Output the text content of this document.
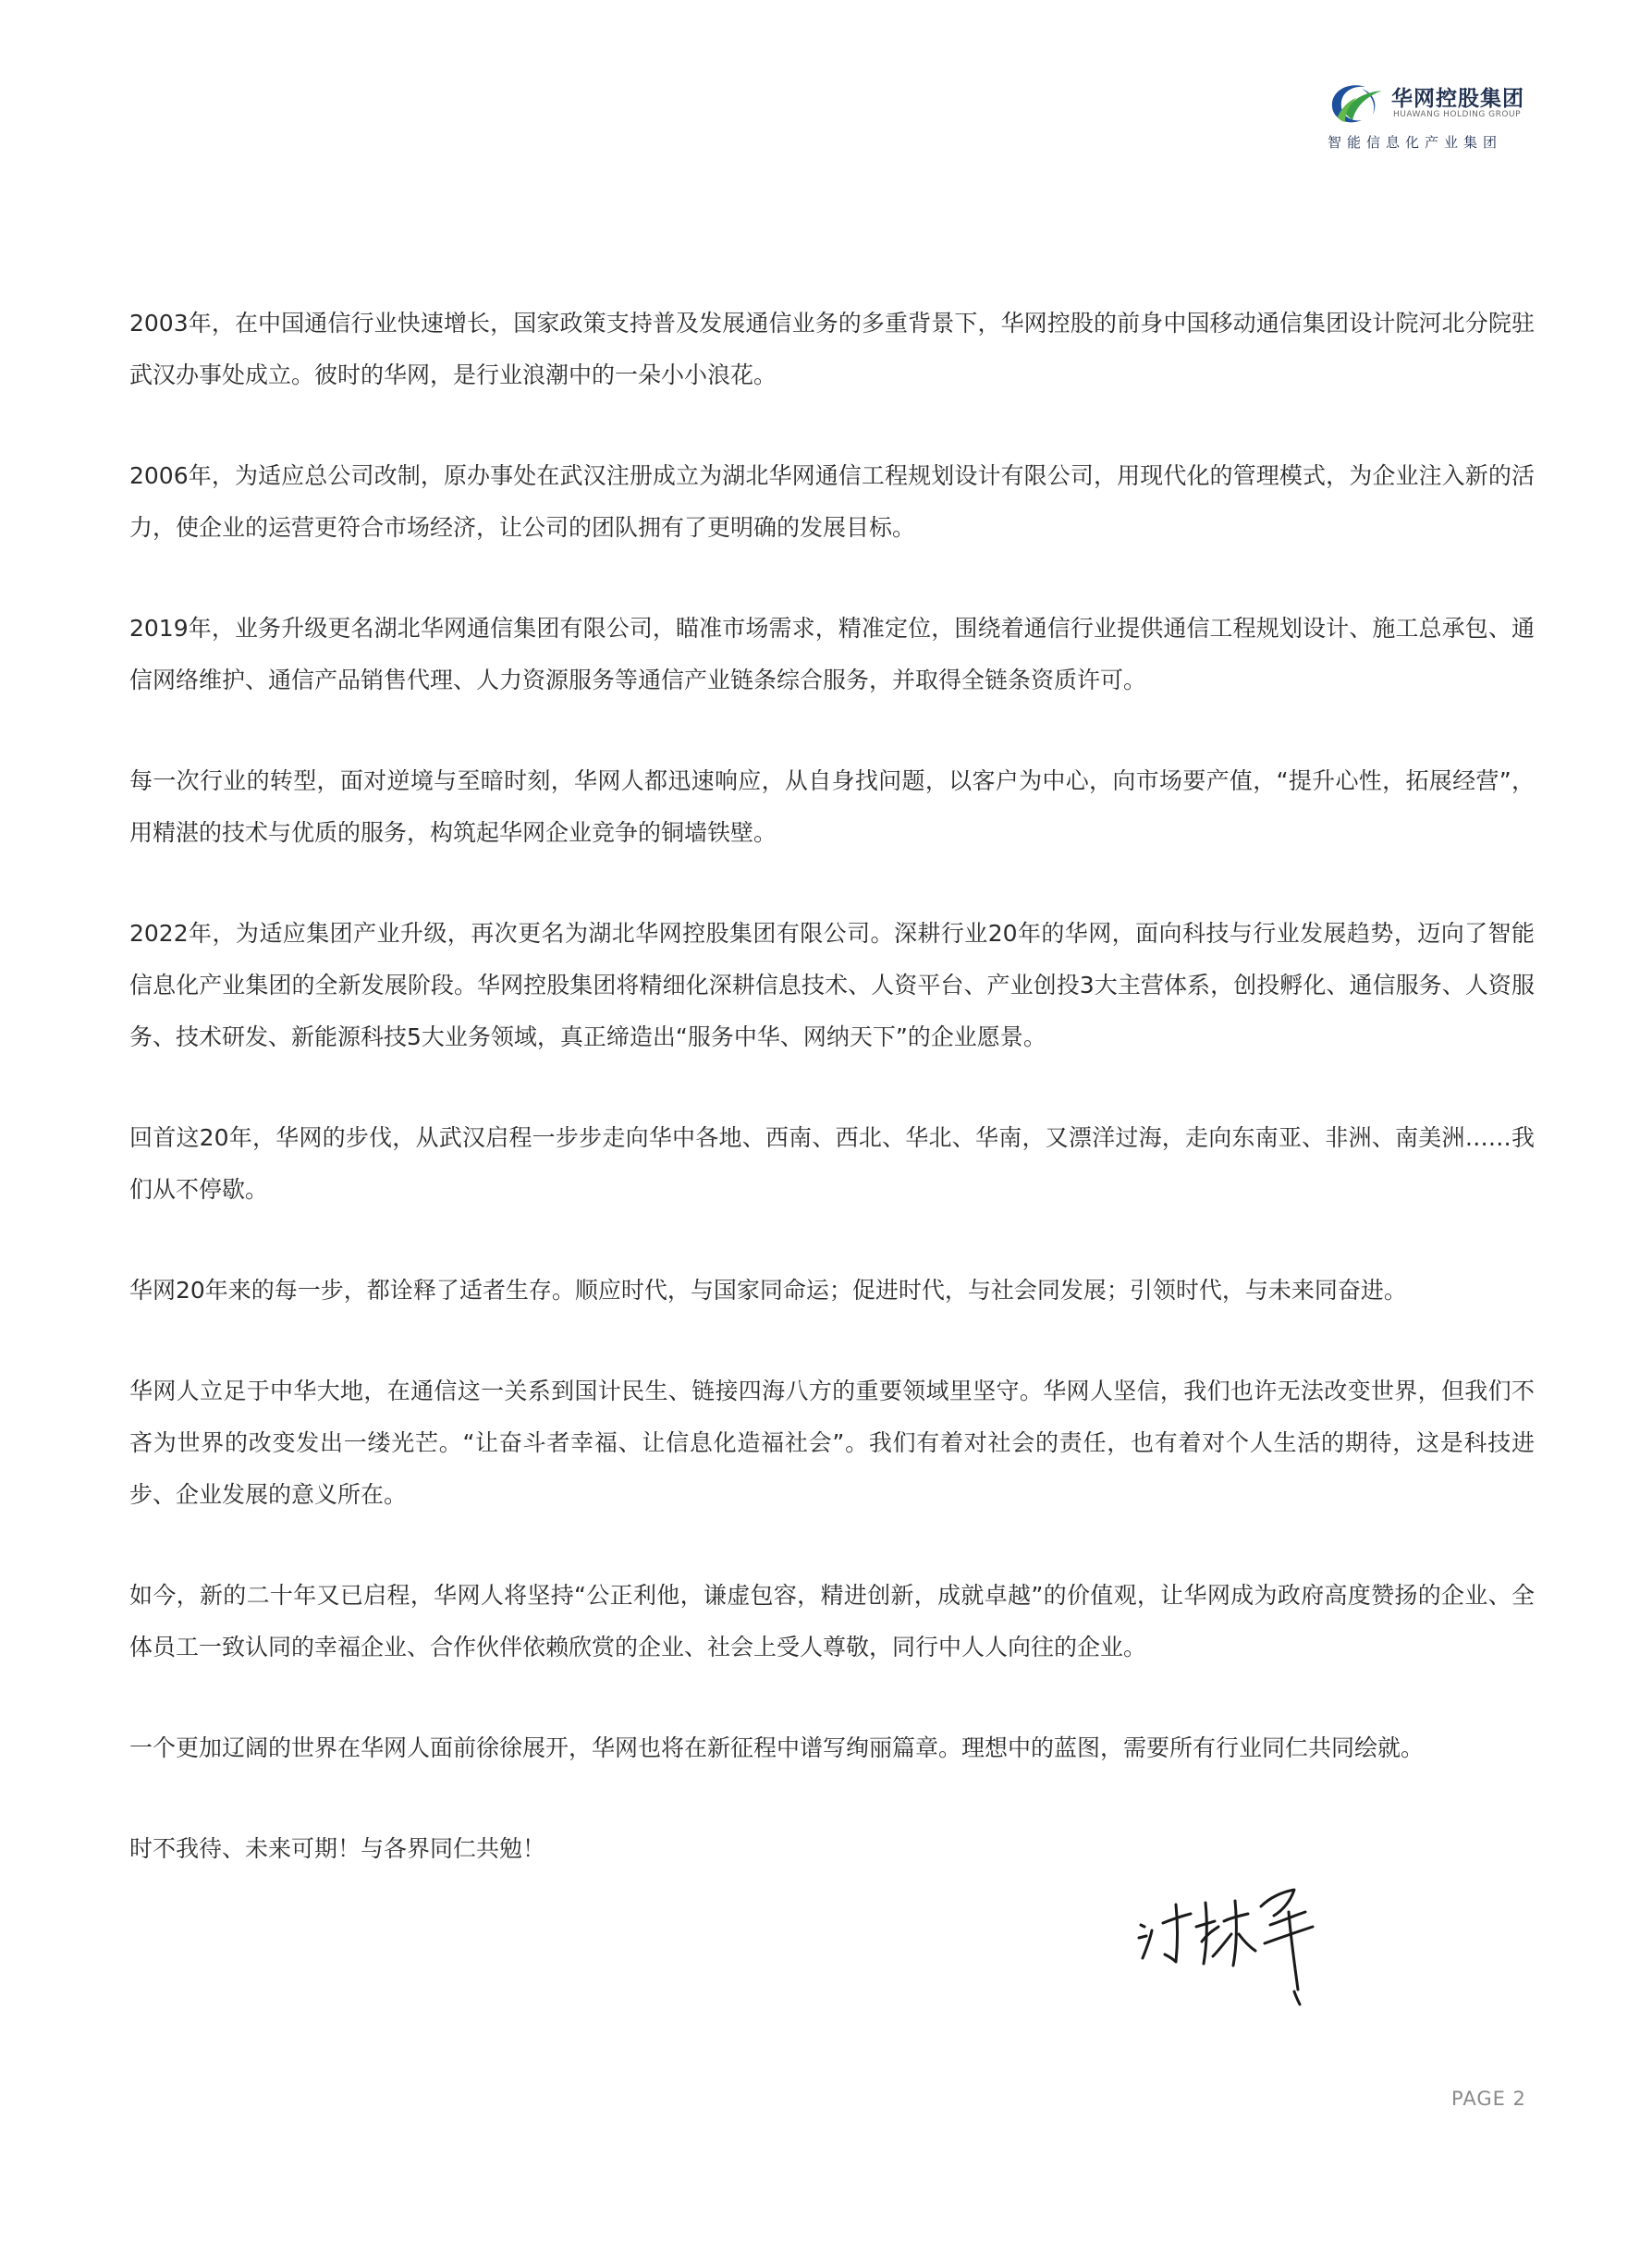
华网控股集团
HUAWANG HOLDING GROUP
智能信息化产业集团

2003年，在中国通信行业快速增长，国家政策支持普及发展通信业务的多重背景下，华网控股的前身中国移动通信集团设计院河北分院驻武汉办事处成立。彼时的华网，是行业浪潮中的一朵小小浪花。

2006年，为适应总公司改制，原办事处在武汉注册成立为湖北华网通信工程规划设计有限公司，用现代化的管理模式，为企业注入新的活力，使企业的运营更符合市场经济，让公司的团队拥有了更明确的发展目标。

2019年，业务升级更名湖北华网通信集团有限公司，瞄准市场需求，精准定位，围绕着通信行业提供通信工程规划设计、施工总承包、通信网络维护、通信产品销售代理、人力资源服务等通信产业链条综合服务，并取得全链条资质许可。

每一次行业的转型，面对逆境与至暗时刻，华网人都迅速响应，从自身找问题，以客户为中心，向市场要产值，“提升心性，拓展经营”，用精湛的技术与优质的服务，构筑起华网企业竞争的铜墙铁壁。

2022年，为适应集团产业升级，再次更名为湖北华网控股集团有限公司。深耕行业20年的华网，面向科技与行业发展趋势，迈向了智能信息化产业集团的全新发展阶段。华网控股集团将精细化深耕信息技术、人资平台、产业创投3大主营体系，创投孵化、通信服务、人资服务、技术研发、新能源科技5大业务领域，真正缔造出“服务中华、网纳天下”的企业愿景。

回首这20年，华网的步伐，从武汉启程一步步走向华中各地、西南、西北、华北、华南，又漂洋过海，走向东南亚、非洲、南美洲……我们从不停歇。

华网20年来的每一步，都诠释了适者生存。顺应时代，与国家同命运；促进时代，与社会同发展；引领时代，与未来同奋进。

华网人立足于中华大地，在通信这一关系到国计民生、链接四海八方的重要领域里坚守。华网人坚信，我们也许无法改变世界，但我们不吝为世界的改变发出一缕光芒。“让奋斗者幸福、让信息化造福社会”。我们有着对社会的责任，也有着对个人生活的期待，这是科技进步、企业发展的意义所在。

如今，新的二十年又已启程，华网人将坚持“公正利他，谦虚包容，精进创新，成就卓越”的价值观，让华网成为政府高度赞扬的企业、全体员工一致认同的幸福企业、合作伙伴依赖欣赏的企业、社会上受人尊敬，同行中人人向往的企业。

一个更加辽阔的世界在华网人面前徐徐展开，华网也将在新征程中谱写绚丽篇章。理想中的蓝图，需要所有行业同仁共同绘就。

时不我待、未来可期！与各界同仁共勉！

PAGE 2
